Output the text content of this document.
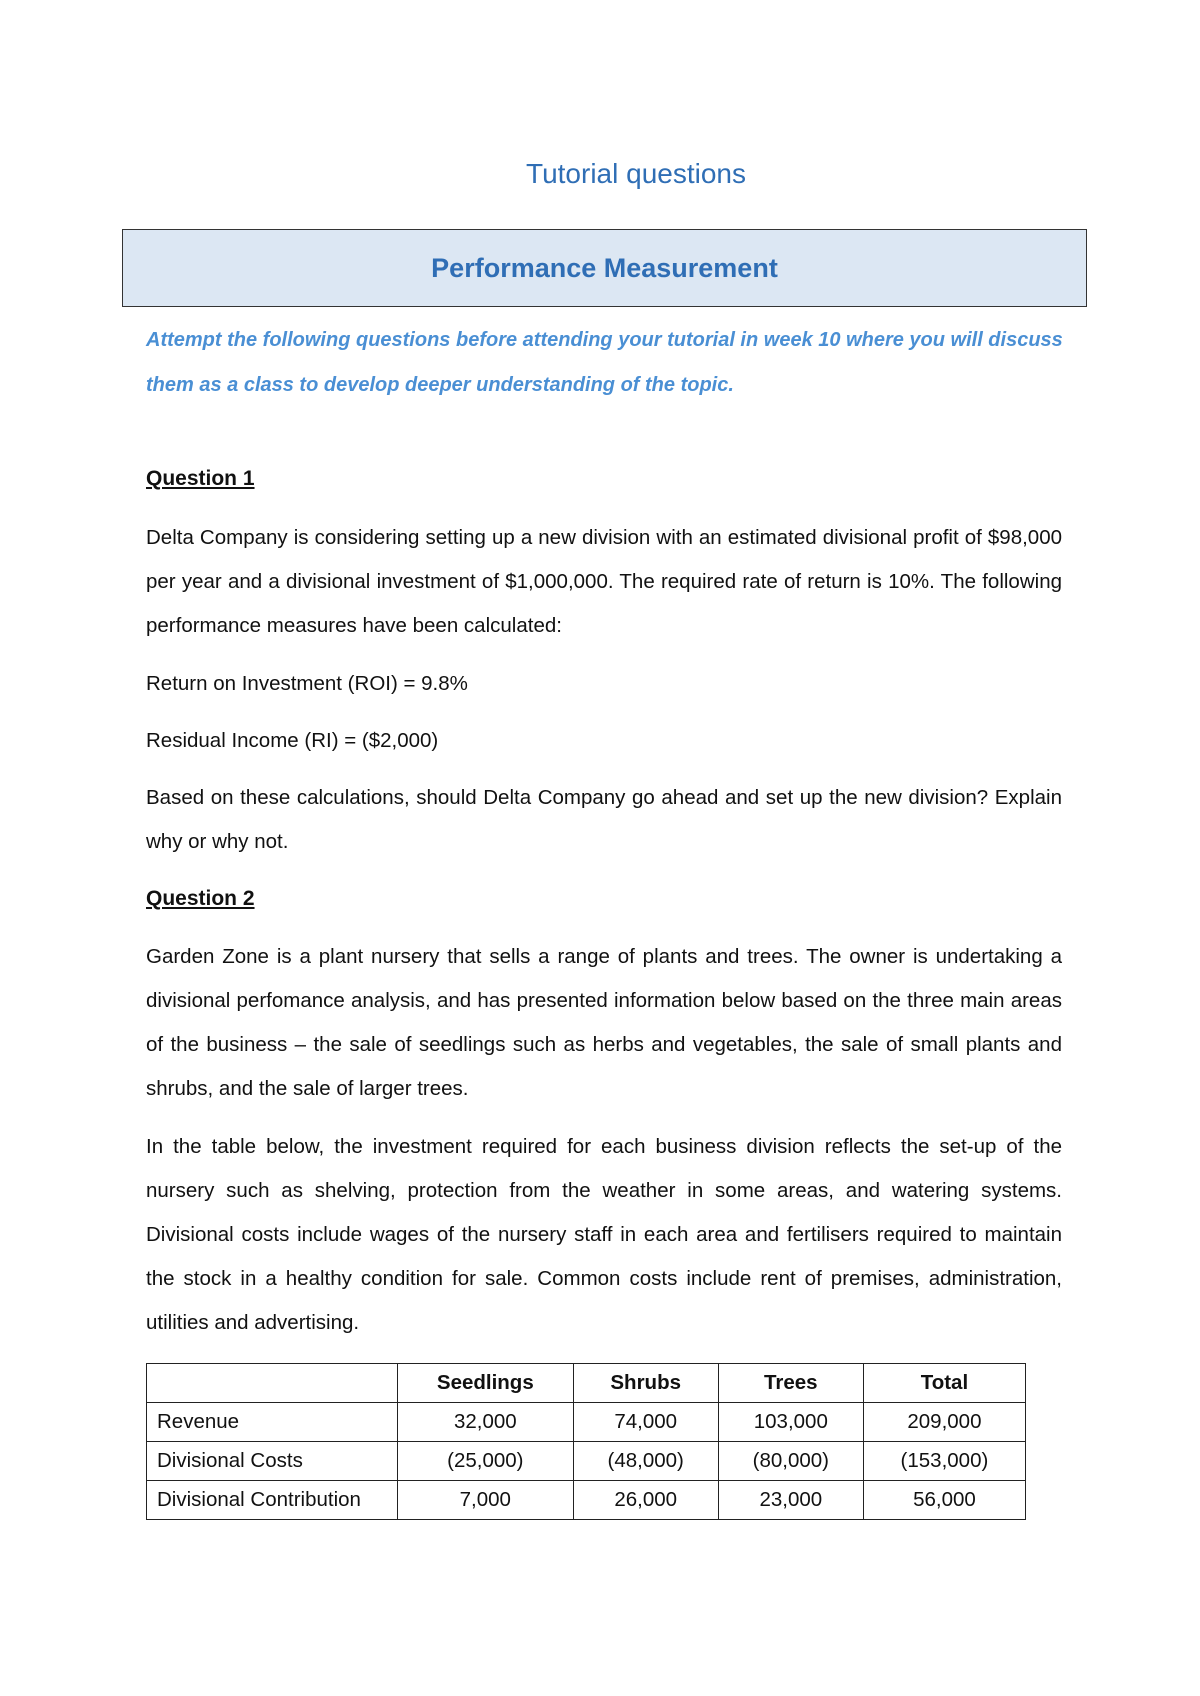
Tutorial questions
Performance Measurement
Attempt the following questions before attending your tutorial in week 10 where you will discuss them as a class to develop deeper understanding of the topic.
Question 1

Delta Company is considering setting up a new division with an estimated divisional profit of $98,000 per year and a divisional investment of $1,000,000. The required rate of return is 10%. The following performance measures have been calculated:

Return on Investment (ROI) = 9.8%

Residual Income (RI) = ($2,000)

Based on these calculations, should Delta Company go ahead and set up the new division? Explain why or why not.

Question 2

Garden Zone is a plant nursery that sells a range of plants and trees. The owner is undertaking a divisional perfomance analysis, and has presented information below based on the three main areas of the business – the sale of seedlings such as herbs and vegetables, the sale of small plants and shrubs, and the sale of larger trees.

In the table below, the investment required for each business division reflects the set-up of the nursery such as shelving, protection from the weather in some areas, and watering systems. Divisional costs include wages of the nursery staff in each area and fertilisers required to maintain the stock in a healthy condition for sale. Common costs include rent of premises, administration, utilities and advertising.

	Seedlings	Shrubs	Trees	Total
Revenue	32,000	74,000	103,000	209,000
Divisional Costs	(25,000)	(48,000)	(80,000)	(153,000)
Divisional Contribution	7,000	26,000	23,000	56,000
